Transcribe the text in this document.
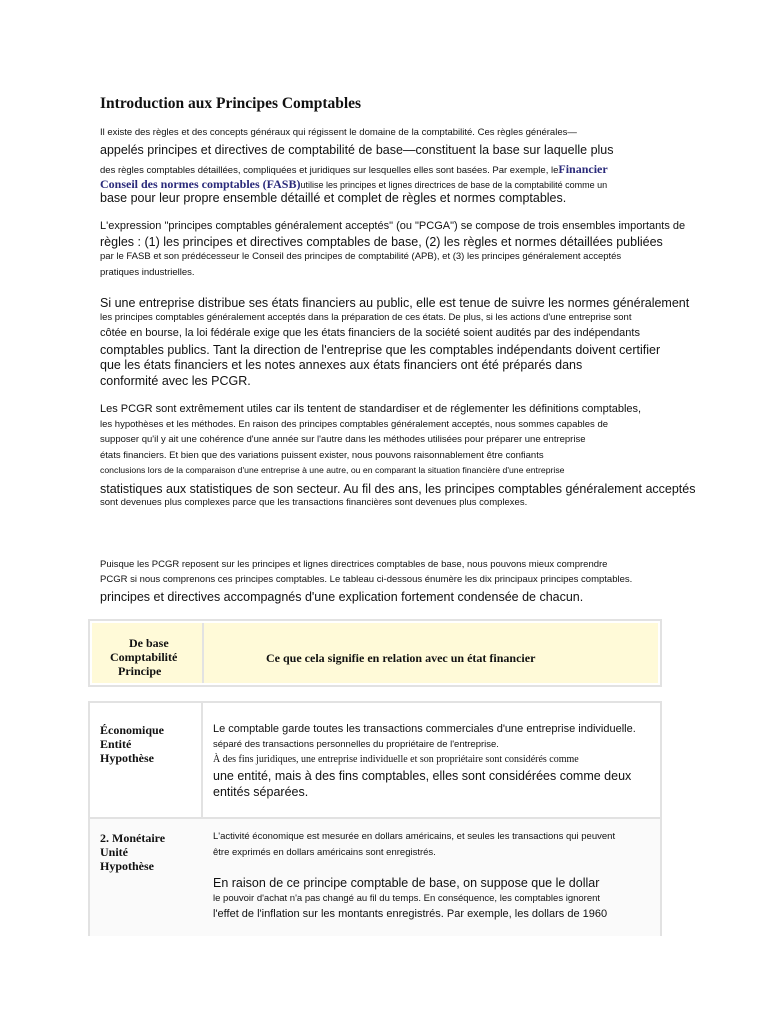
Introduction aux Principes Comptables
Il existe des règles et des concepts généraux qui régissent le domaine de la comptabilité. Ces règles générales—
appelés principes et directives de comptabilité de base—constituent la base sur laquelle plus
des règles comptables détaillées, compliquées et juridiques sur lesquelles elles sont basées. Par exemple, leFinancier
Conseil des normes comptables (FASB)utilise les principes et lignes directrices de base de la comptabilité comme un
base pour leur propre ensemble détaillé et complet de règles et normes comptables.
L'expression "principes comptables généralement acceptés" (ou "PCGA") se compose de trois ensembles importants de
règles : (1) les principes et directives comptables de base, (2) les règles et normes détaillées publiées
par le FASB et son prédécesseur le Conseil des principes de comptabilité (APB), et (3) les principes généralement acceptés
pratiques industrielles.
Si une entreprise distribue ses états financiers au public, elle est tenue de suivre les normes généralement
les principes comptables généralement acceptés dans la préparation de ces états. De plus, si les actions d'une entreprise sont
côtée en bourse, la loi fédérale exige que les états financiers de la société soient audités par des indépendants
comptables publics. Tant la direction de l'entreprise que les comptables indépendants doivent certifier
que les états financiers et les notes annexes aux états financiers ont été préparés dans
conformité avec les PCGR.
Les PCGR sont extrêmement utiles car ils tentent de standardiser et de réglementer les définitions comptables,
les hypothèses et les méthodes. En raison des principes comptables généralement acceptés, nous sommes capables de
supposer qu'il y ait une cohérence d'une année sur l'autre dans les méthodes utilisées pour préparer une entreprise
états financiers. Et bien que des variations puissent exister, nous pouvons raisonnablement être confiants
conclusions lors de la comparaison d'une entreprise à une autre, ou en comparant la situation financière d'une entreprise
statistiques aux statistiques de son secteur. Au fil des ans, les principes comptables généralement acceptés
sont devenues plus complexes parce que les transactions financières sont devenues plus complexes.
Puisque les PCGR reposent sur les principes et lignes directrices comptables de base, nous pouvons mieux comprendre
PCGR si nous comprenons ces principes comptables. Le tableau ci-dessous énumère les dix principaux principes comptables.
principes et directives accompagnés d'une explication fortement condensée de chacun.
De base
Comptabilité
Principe
Ce que cela signifie en relation avec un état financier
Économique
Entité
Hypothèse
Le comptable garde toutes les transactions commerciales d'une entreprise individuelle.
séparé des transactions personnelles du propriétaire de l'entreprise.
À des fins juridiques, une entreprise individuelle et son propriétaire sont considérés comme
une entité, mais à des fins comptables, elles sont considérées comme deux
entités séparées.
2. Monétaire
Unité
Hypothèse
L'activité économique est mesurée en dollars américains, et seules les transactions qui peuvent
être exprimés en dollars américains sont enregistrés.
En raison de ce principe comptable de base, on suppose que le dollar
le pouvoir d'achat n'a pas changé au fil du temps. En conséquence, les comptables ignorent
l'effet de l'inflation sur les montants enregistrés. Par exemple, les dollars de 1960
